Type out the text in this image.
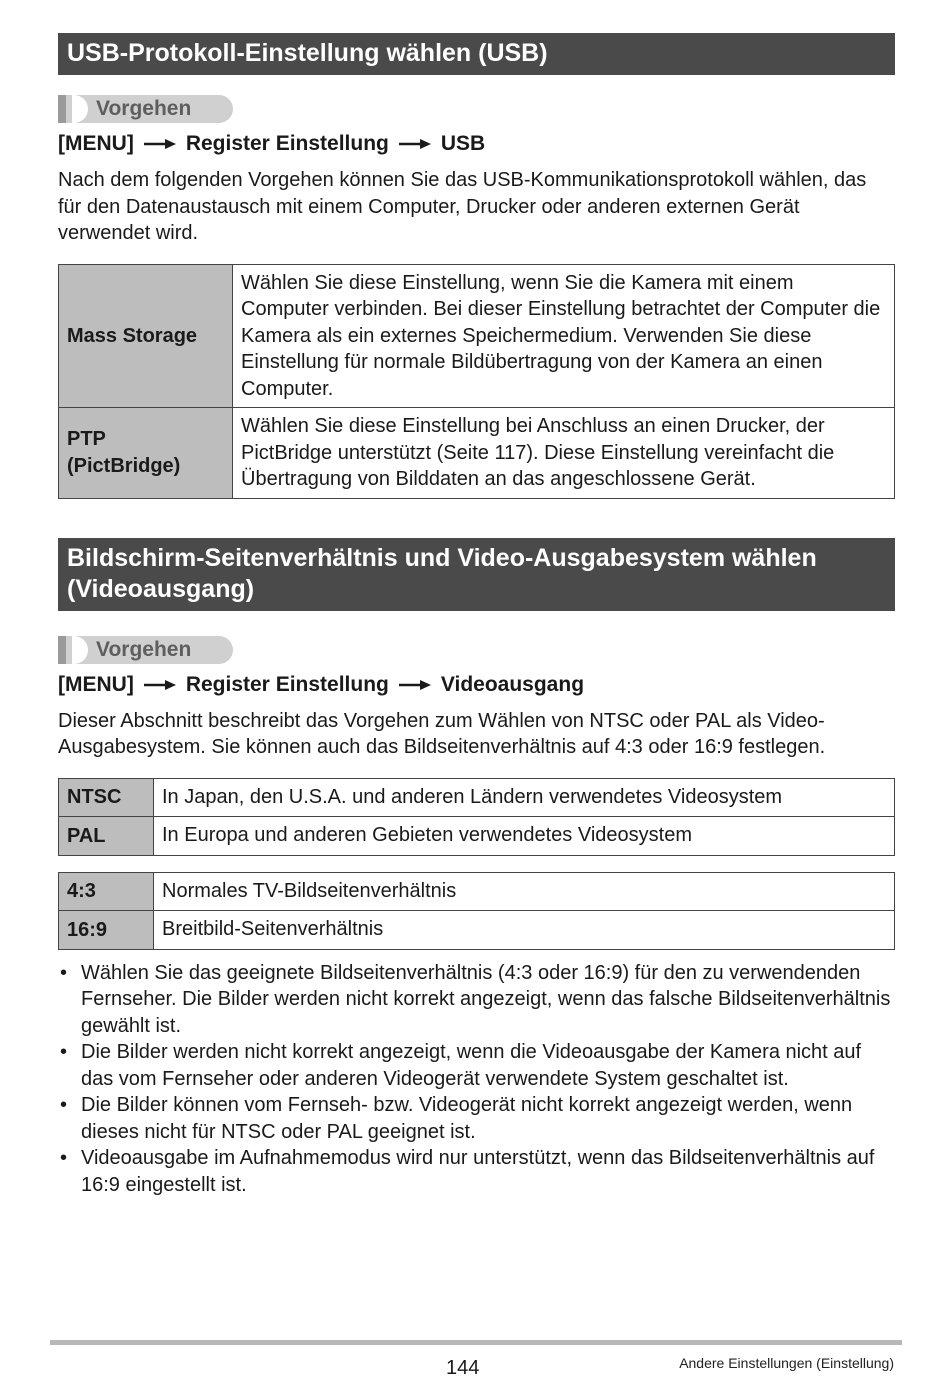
USB-Protokoll-Einstellung wählen (USB)
Vorgehen
[MENU] Register Einstellung USB

Nach dem folgenden Vorgehen können Sie das USB-Kommunikationsprotokoll wählen, das für den Datenaustausch mit einem Computer, Drucker oder anderen externen Gerät verwendet wird.

Mass Storage	Wählen Sie diese Einstellung, wenn Sie die Kamera mit einem Computer verbinden. Bei dieser Einstellung betrachtet der Computer die Kamera als ein externes Speichermedium. Verwenden Sie diese Einstellung für normale Bildübertragung von der Kamera an einen Computer.
PTP (PictBridge)	Wählen Sie diese Einstellung bei Anschluss an einen Drucker, der PictBridge unterstützt (Seite 117). Diese Einstellung vereinfacht die Übertragung von Bilddaten an das angeschlossene Gerät.
Bildschirm-Seitenverhältnis und Video-Ausgabesystem wählen (Videoausgang)
Vorgehen
[MENU] Register Einstellung Videoausgang

Dieser Abschnitt beschreibt das Vorgehen zum Wählen von NTSC oder PAL als Video-Ausgabesystem. Sie können auch das Bildseitenverhältnis auf 4:3 oder 16:9 festlegen.

NTSC	In Japan, den U.S.A. und anderen Ländern verwendetes Videosystem
PAL	In Europa und anderen Gebieten verwendetes Videosystem
4:3	Normales TV-Bildseitenverhältnis
16:9	Breitbild-Seitenverhältnis
• Wählen Sie das geeignete Bildseitenverhältnis (4:3 oder 16:9) für den zu verwendenden Fernseher. Die Bilder werden nicht korrekt angezeigt, wenn das falsche Bildseitenverhältnis gewählt ist.
• Die Bilder werden nicht korrekt angezeigt, wenn die Videoausgabe der Kamera nicht auf das vom Fernseher oder anderen Videogerät verwendete System geschaltet ist.
• Die Bilder können vom Fernseh- bzw. Videogerät nicht korrekt angezeigt werden, wenn dieses nicht für NTSC oder PAL geeignet ist.
• Videoausgabe im Aufnahmemodus wird nur unterstützt, wenn das Bildseitenverhältnis auf 16:9 eingestellt ist.
144	Andere Einstellungen (Einstellung)
